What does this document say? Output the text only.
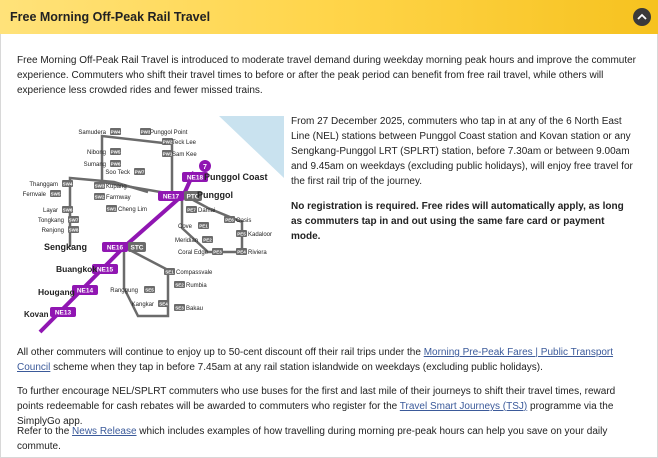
Free Morning Off-Peak Rail Travel

Free Morning Off-Peak Rail Travel is introduced to moderate travel demand during weekday morning peak hours and improve the commuter experience. Commuters who shift their travel times to before or after the peak period can benefit from free rail travel, while others will experience less crowded rides and fewer missed trains.

NE18 Punggol Coast
NE17 PTC
Punggol
NE16 STC
Sengkang
NE15
Buangkok
NE14
Hougang
NE13
Kovan
7
PW4
Samudera	PW3 Punggol Point
PW2 Teck Lee
PW5
Nibong	PW1 Sam Kee
PW6
Sumang
PW7
Soo Teck
SW4
Thanggam	SW3 Kupang
SW5
Fernvale	SW2 Farmway
SW6
Layar	SW1 Cheng Lim
SW7
Tongkang
SW8
Renjong
PE7 Damai
PE6 Oasis
PE5 Kadaloor
PE1
Cove
PE2
Meridian
PE3
Coral Edge	PE4 Riviera
SE1 Compassvale
SE2 Rumbia
SE5
Ranggung
SE3 Bakau
SE4
Kangkar

From 27 December 2025, commuters who tap in at any of the 6 North East Line (NEL) stations between Punggol Coast station and Kovan station or any Sengkang-Punggol LRT (SPLRT) station, before 7.30am or between 9.00am and 9.45am on weekdays (excluding public holidays), will enjoy free travel for the first rail trip of the journey.

No registration is required. Free rides will automatically apply, as long as commuters tap in and out using the same fare card or payment mode.

All other commuters will continue to enjoy up to 50-cent discount off their rail trips under the Morning Pre-Peak Fares | Public Transport Council scheme when they tap in before 7.45am at any rail station islandwide on weekdays (excluding public holidays).

To further encourage NEL/SPLRT commuters who use buses for the first and last mile of their journeys to shift their travel times, reward points redeemable for cash rebates will be awarded to commuters who register for the Travel Smart Journeys (TSJ) programme via the SimplyGo app.

Refer to the News Release which includes examples of how travelling during morning pre-peak hours can help you save on your daily commute.
